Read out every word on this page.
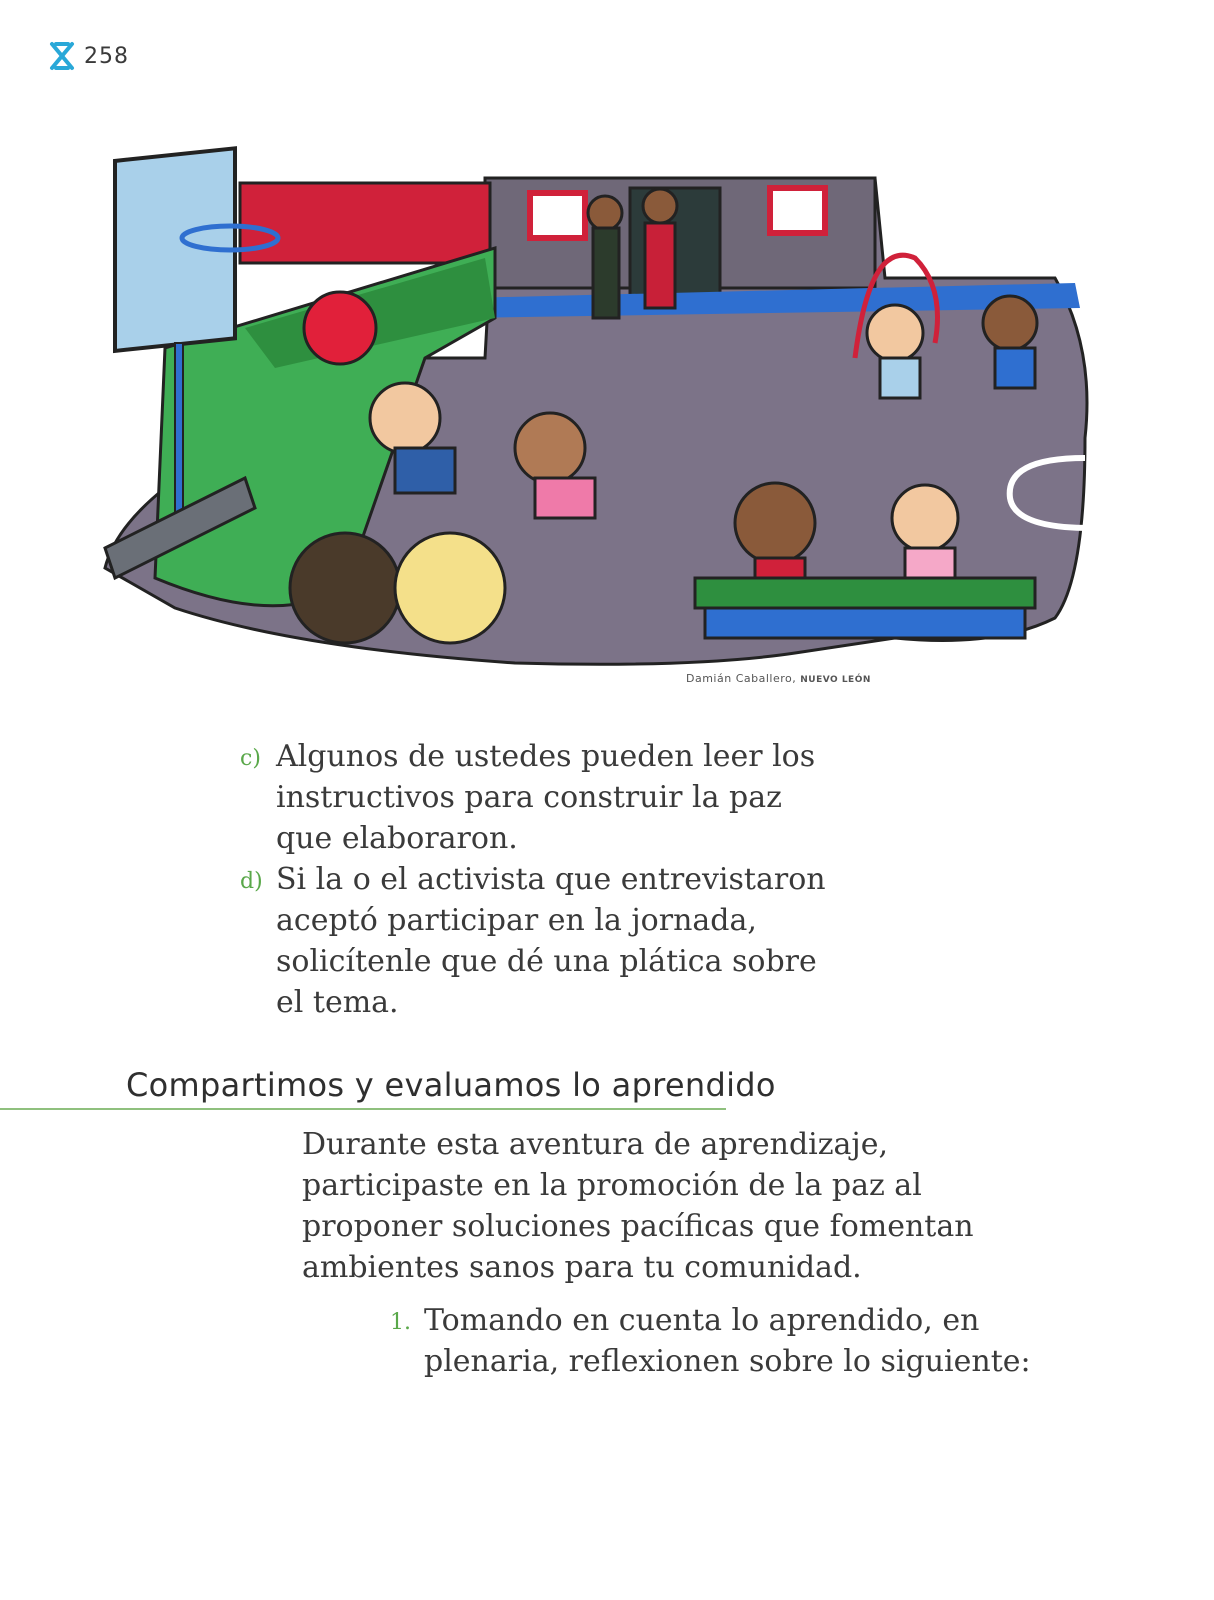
258
Damián Caballero, NUEVO LEÓN
c) Algunos de ustedes pueden leer los
instructivos para construir la paz
que elaboraron.
d) Si la o el activista que entrevistaron
aceptó participar en la jornada,
solicítenle que dé una plática sobre
el tema.
Compartimos y evaluamos lo aprendido
Durante esta aventura de aprendizaje,
participaste en la promoción de la paz al
proponer soluciones pacíficas que fomentan
ambientes sanos para tu comunidad.
1. Tomando en cuenta lo aprendido, en
plenaria, reflexionen sobre lo siguiente:
